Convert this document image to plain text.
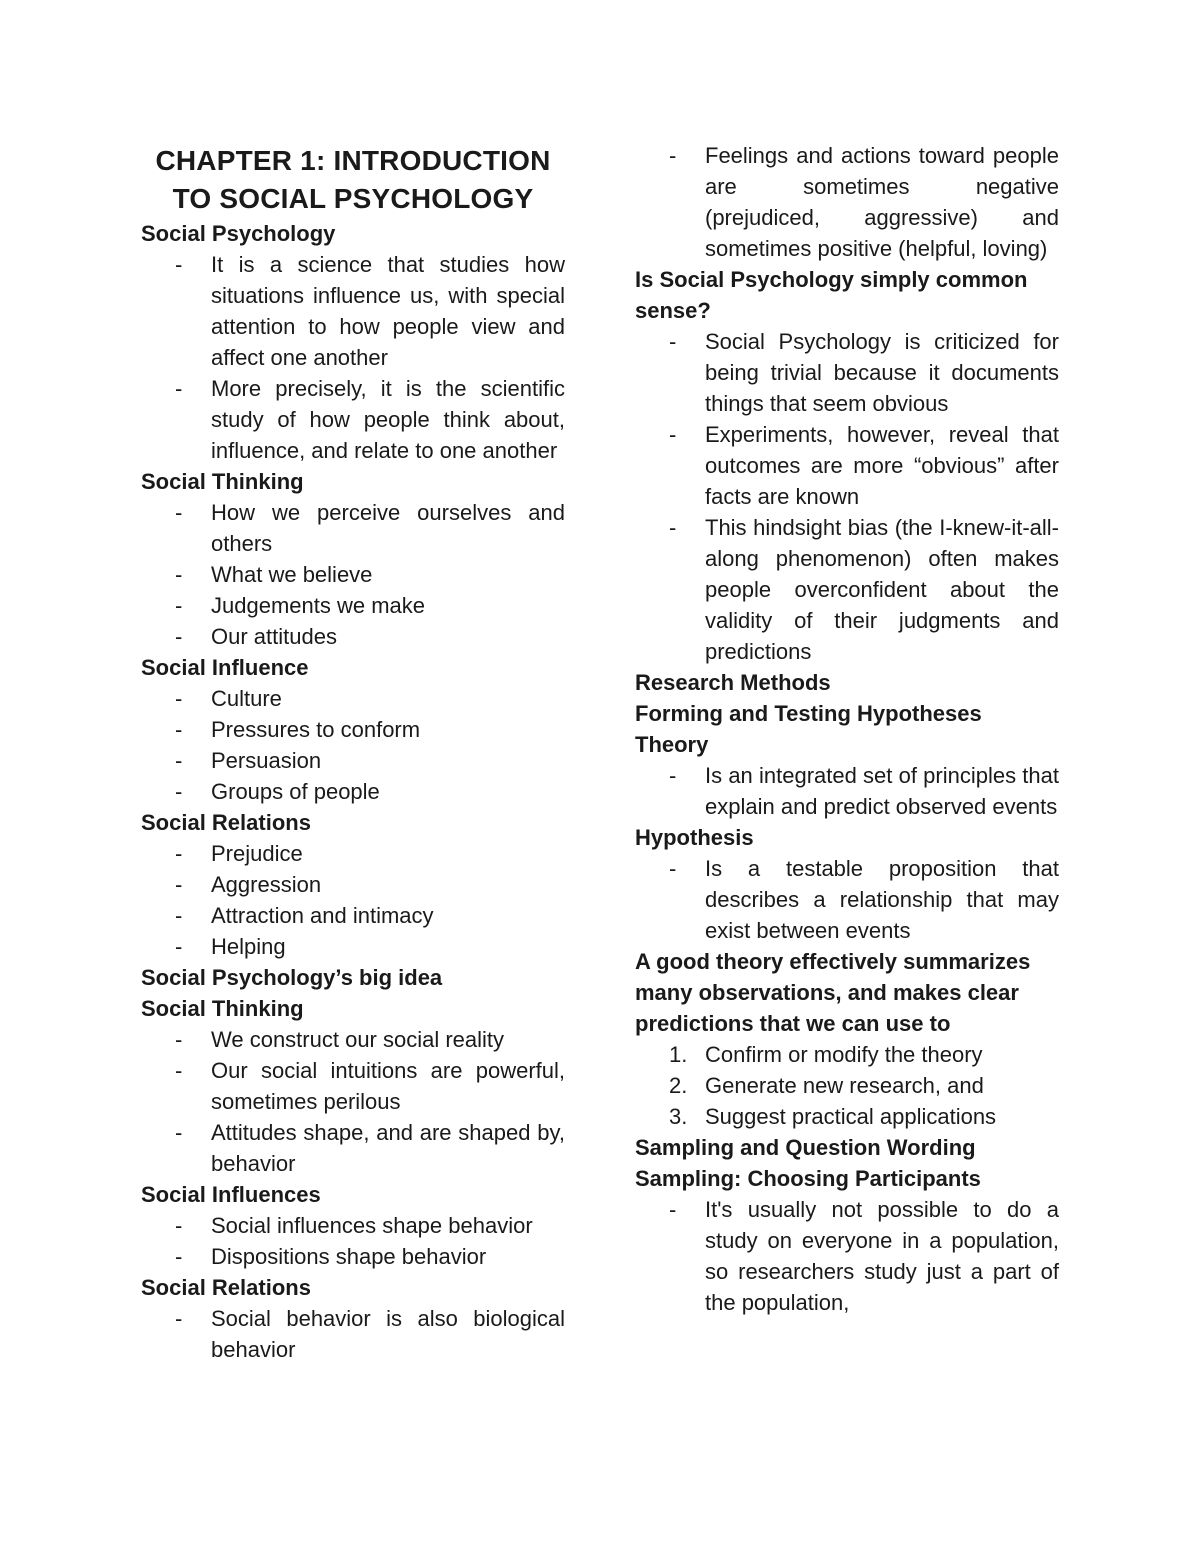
CHAPTER 1: INTRODUCTION TO SOCIAL PSYCHOLOGY

Social Psychology

- It is a science that studies how situations influence us, with special attention to how people view and affect one another
- More precisely, it is the scientific study of how people think about, influence, and relate to one another

Social Thinking

- How we perceive ourselves and others
- What we believe
- Judgements we make
- Our attitudes

Social Influence

- Culture
- Pressures to conform
- Persuasion
- Groups of people

Social Relations

- Prejudice
- Aggression
- Attraction and intimacy
- Helping

Social Psychology’s big idea

Social Thinking

- We construct our social reality
- Our social intuitions are powerful, sometimes perilous
- Attitudes shape, and are shaped by, behavior

Social Influences

- Social influences shape behavior
- Dispositions shape behavior

Social Relations

- Social behavior is also biological behavior
- Feelings and actions toward people are sometimes negative (prejudiced, aggressive) and sometimes positive (helpful, loving)

Is Social Psychology simply common sense?

- Social Psychology is criticized for being trivial because it documents things that seem obvious
- Experiments, however, reveal that outcomes are more “obvious” after facts are known
- This hindsight bias (the I-knew-it-all-along phenomenon) often makes people overconfident about the validity of their judgments and predictions

Research Methods

Forming and Testing Hypotheses

Theory

- Is an integrated set of principles that explain and predict observed events

Hypothesis

- Is a testable proposition that describes a relationship that may exist between events

A good theory effectively summarizes many observations, and makes clear predictions that we can use to

1. Confirm or modify the theory
2. Generate new research, and
3. Suggest practical applications

Sampling and Question Wording

Sampling: Choosing Participants

- It's usually not possible to do a study on everyone in a population, so researchers study just a part of the population,
